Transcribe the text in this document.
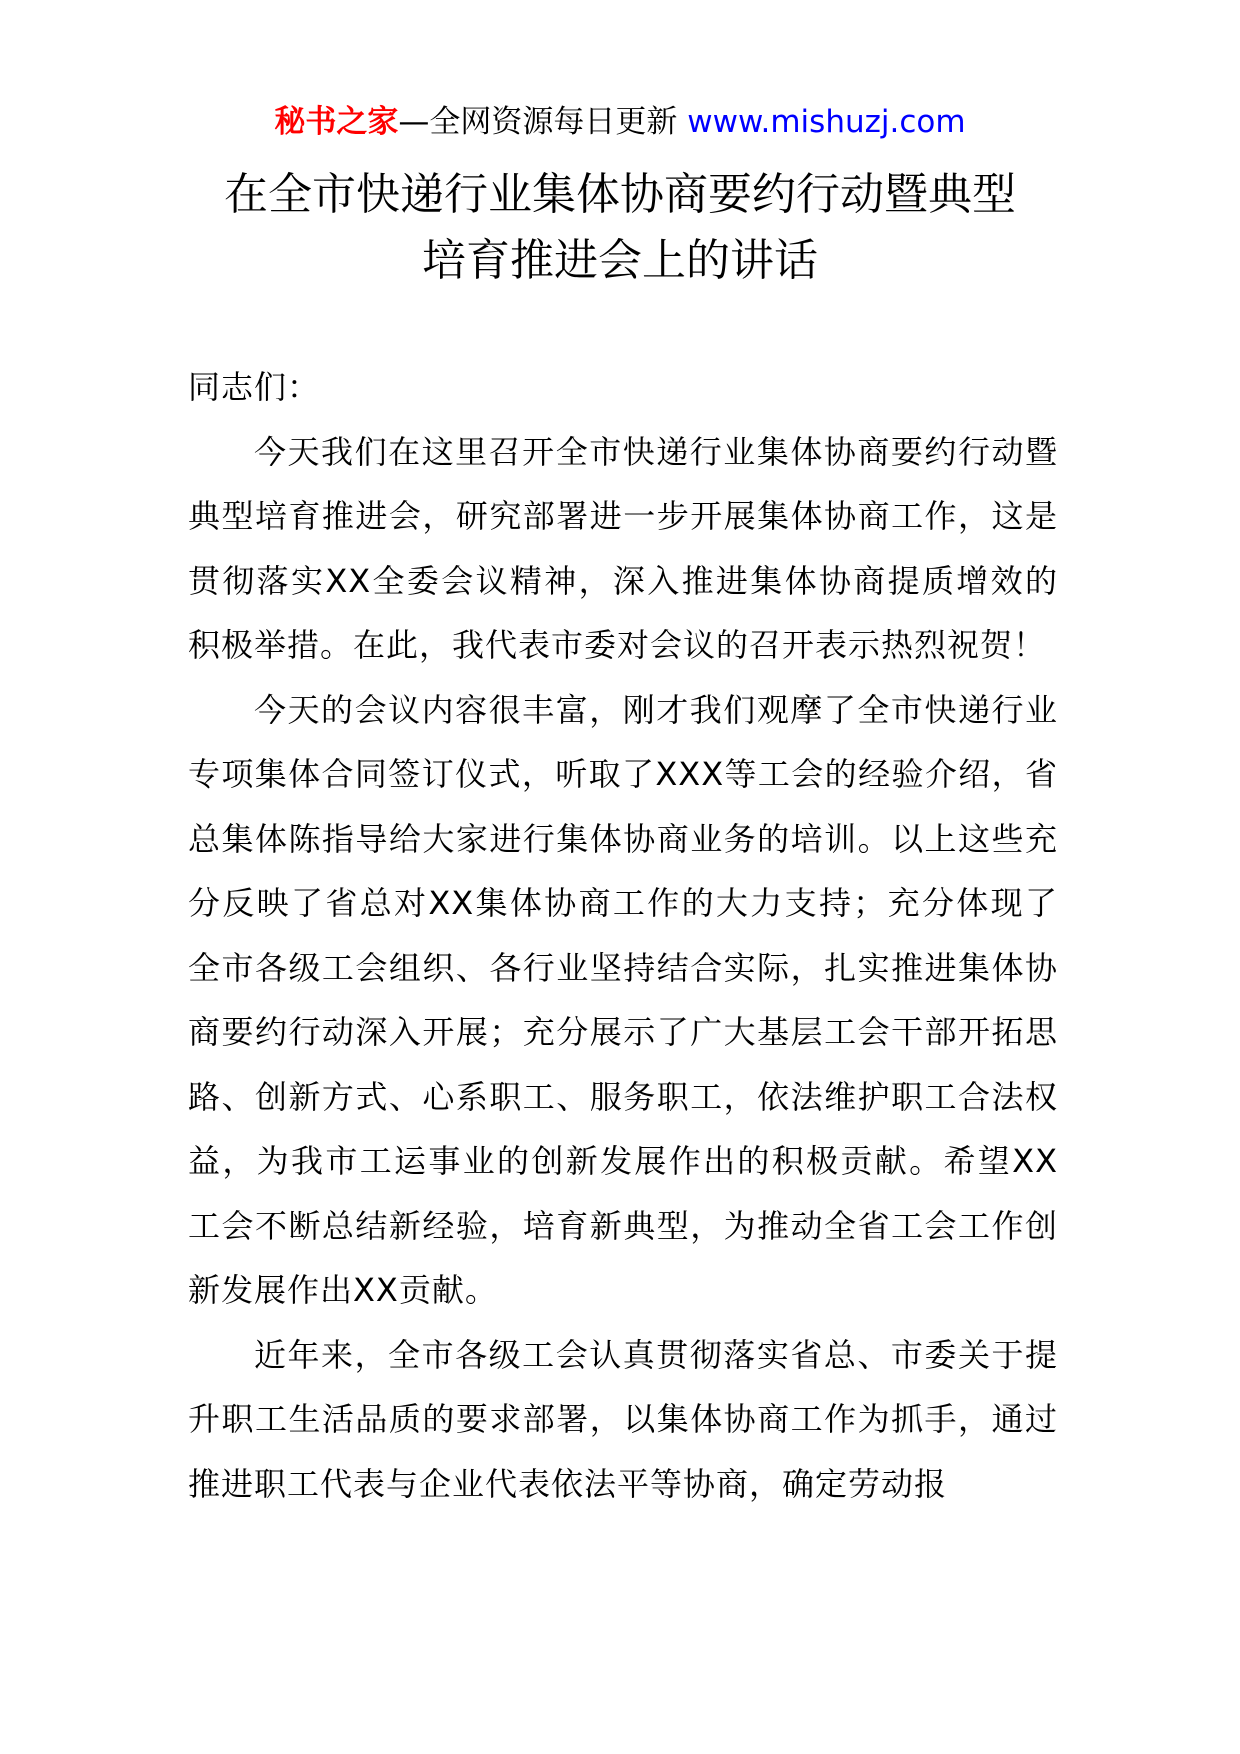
秘书之家—全网资源每日更新 www.mishuzj.com
在全市快递行业集体协商要约行动暨典型
培育推进会上的讲话

同志们：

今天我们在这里召开全市快递行业集体协商要约行动暨典型培育推进会，研究部署进一步开展集体协商工作，这是贯彻落实XX全委会议精神，深入推进集体协商提质增效的积极举措。在此，我代表市委对会议的召开表示热烈祝贺！

今天的会议内容很丰富，刚才我们观摩了全市快递行业专项集体合同签订仪式，听取了XXX等工会的经验介绍，省总集体陈指导给大家进行集体协商业务的培训。以上这些充分反映了省总对XX集体协商工作的大力支持；充分体现了全市各级工会组织、各行业坚持结合实际，扎实推进集体协商要约行动深入开展；充分展示了广大基层工会干部开拓思路、创新方式、心系职工、服务职工，依法维护职工合法权益，为我市工运事业的创新发展作出的积极贡献。希望XX工会不断总结新经验，培育新典型，为推动全省工会工作创新发展作出XX贡献。

近年来，全市各级工会认真贯彻落实省总、市委关于提升职工生活品质的要求部署，以集体协商工作为抓手，通过推进职工代表与企业代表依法平等协商，确定劳动报
